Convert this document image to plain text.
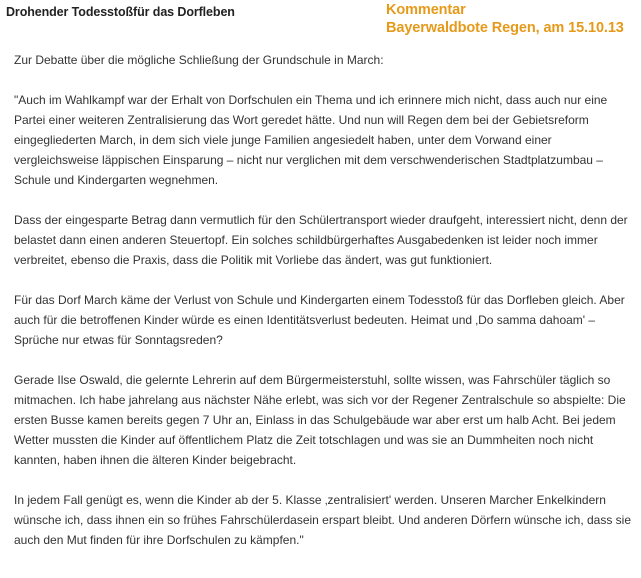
Drohender Todesstoßfür das Dorfleben	Kommentar
Bayerwaldbote Regen, am 15.10.13

Zur Debatte über die mögliche Schließung der Grundschule in March:

"Auch im Wahlkampf war der Erhalt von Dorfschulen ein Thema und ich erinnere mich nicht, dass auch nur eine Partei einer weiteren Zentralisierung das Wort geredet hätte. Und nun will Regen dem bei der Gebietsreform eingegliederten March, in dem sich viele junge Familien angesiedelt haben, unter dem Vorwand einer vergleichsweise läppischen Einsparung – nicht nur verglichen mit dem verschwenderischen Stadtplatzumbau – Schule und Kindergarten wegnehmen.

Dass der eingesparte Betrag dann vermutlich für den Schülertransport wieder draufgeht, interessiert nicht, denn der belastet dann einen anderen Steuertopf. Ein solches schildbürgerhaftes Ausgabedenken ist leider noch immer verbreitet, ebenso die Praxis, dass die Politik mit Vorliebe das ändert, was gut funktioniert.

Für das Dorf March käme der Verlust von Schule und Kindergarten einem Todesstoß für das Dorfleben gleich. Aber auch für die betroffenen Kinder würde es einen Identitätsverlust bedeuten. Heimat und ‚Do samma dahoam' – Sprüche nur etwas für Sonntagsreden?

Gerade Ilse Oswald, die gelernte Lehrerin auf dem Bürgermeisterstuhl, sollte wissen, was Fahrschüler täglich so mitmachen. Ich habe jahrelang aus nächster Nähe erlebt, was sich vor der Regener Zentralschule so abspielte: Die ersten Busse kamen bereits gegen 7 Uhr an, Einlass in das Schulgebäude war aber erst um halb Acht. Bei jedem Wetter mussten die Kinder auf öffentlichem Platz die Zeit totschlagen und was sie an Dummheiten noch nicht kannten, haben ihnen die älteren Kinder beigebracht.

In jedem Fall genügt es, wenn die Kinder ab der 5. Klasse ‚zentralisiert' werden. Unseren Marcher Enkelkindern wünsche ich, dass ihnen ein so frühes Fahrschülerdasein erspart bleibt. Und anderen Dörfern wünsche ich, dass sie auch den Mut finden für ihre Dorfschulen zu kämpfen."
